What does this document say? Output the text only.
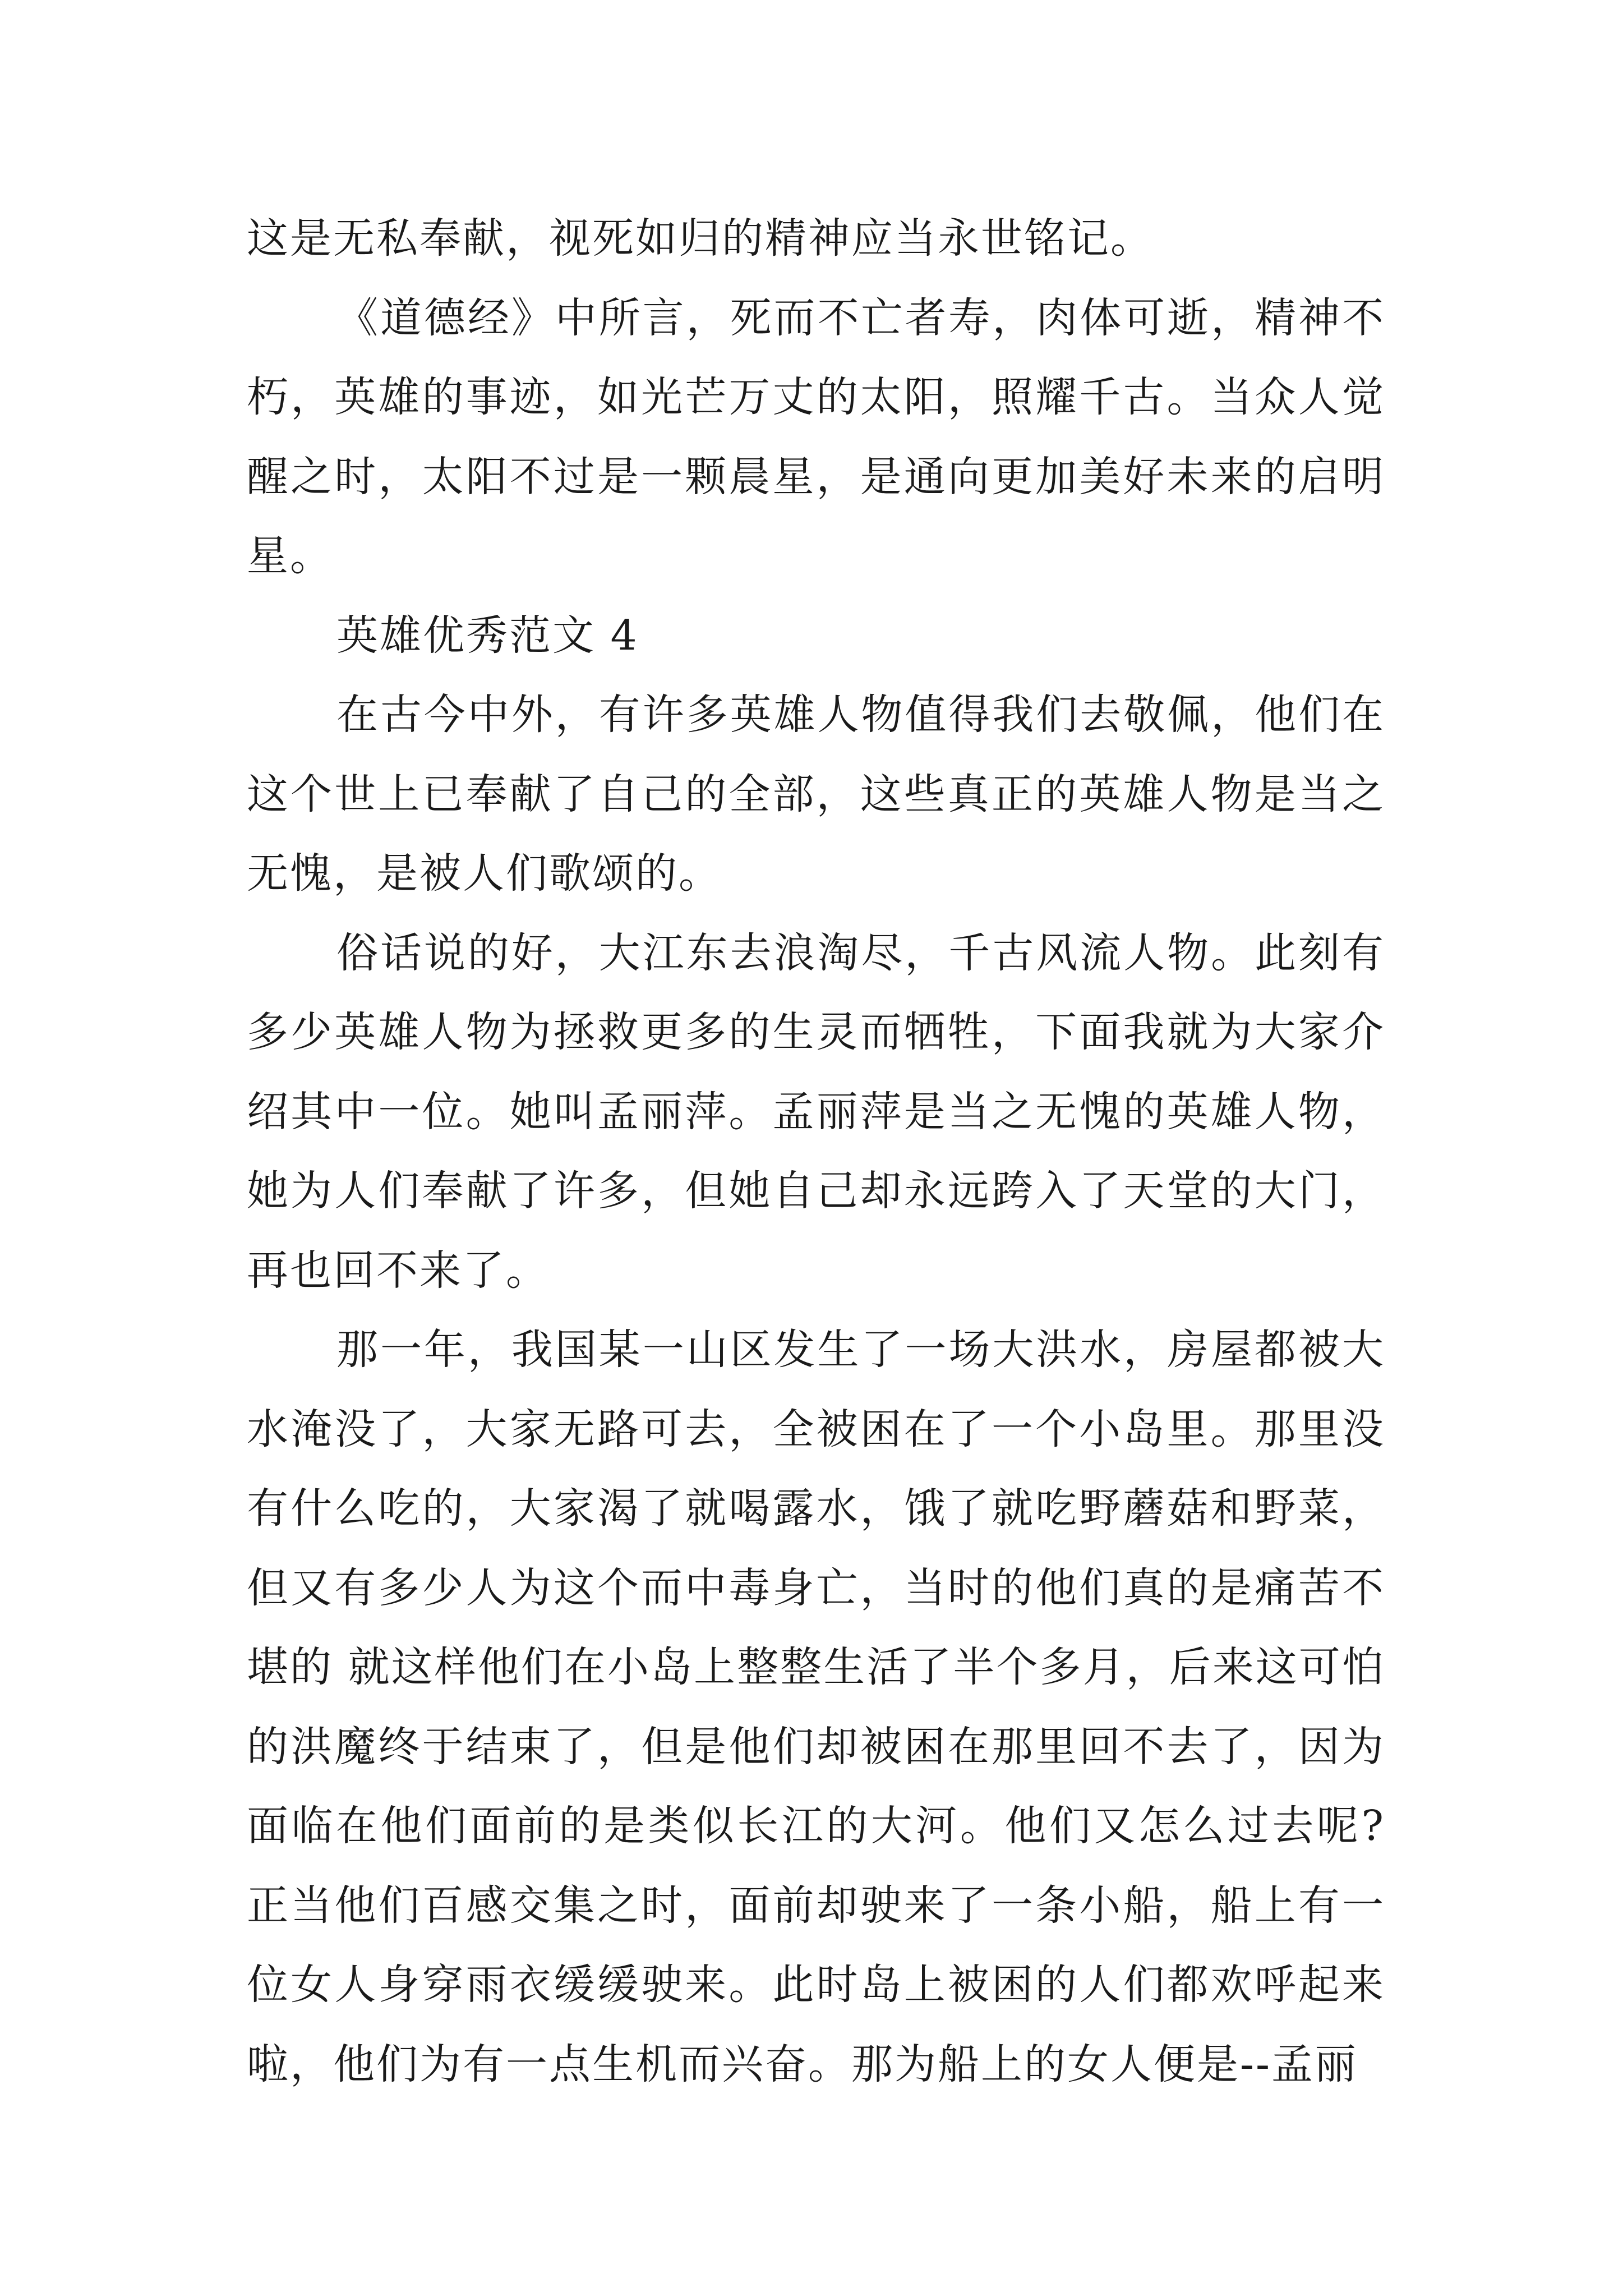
这是无私奉献，视死如归的精神应当永世铭记。

《道德经》中所言，死而不亡者寿，肉体可逝，精神不朽，英雄的事迹，如光芒万丈的太阳，照耀千古。当众人觉醒之时，太阳不过是一颗晨星，是通向更加美好未来的启明星。

英雄优秀范文 4

在古今中外，有许多英雄人物值得我们去敬佩，他们在这个世上已奉献了自己的全部，这些真正的英雄人物是当之无愧，是被人们歌颂的。

俗话说的好，大江东去浪淘尽，千古风流人物。此刻有多少英雄人物为拯救更多的生灵而牺牲，下面我就为大家介绍其中一位。她叫孟丽萍。孟丽萍是当之无愧的英雄人物，她为人们奉献了许多，但她自己却永远跨入了天堂的大门，再也回不来了。

那一年，我国某一山区发生了一场大洪水，房屋都被大水淹没了，大家无路可去，全被困在了一个小岛里。那里没有什么吃的，大家渴了就喝露水，饿了就吃野蘑菇和野菜，但又有多少人为这个而中毒身亡，当时的他们真的是痛苦不堪的 就这样他们在小岛上整整生活了半个多月，后来这可怕的洪魔终于结束了，但是他们却被困在那里回不去了，因为面临在他们面前的是类似长江的大河。他们又怎么过去呢?正当他们百感交集之时，面前却驶来了一条小船，船上有一位女人身穿雨衣缓缓驶来。此时岛上被困的人们都欢呼起来啦，他们为有一点生机而兴奋。那为船上的女人便是--孟丽
